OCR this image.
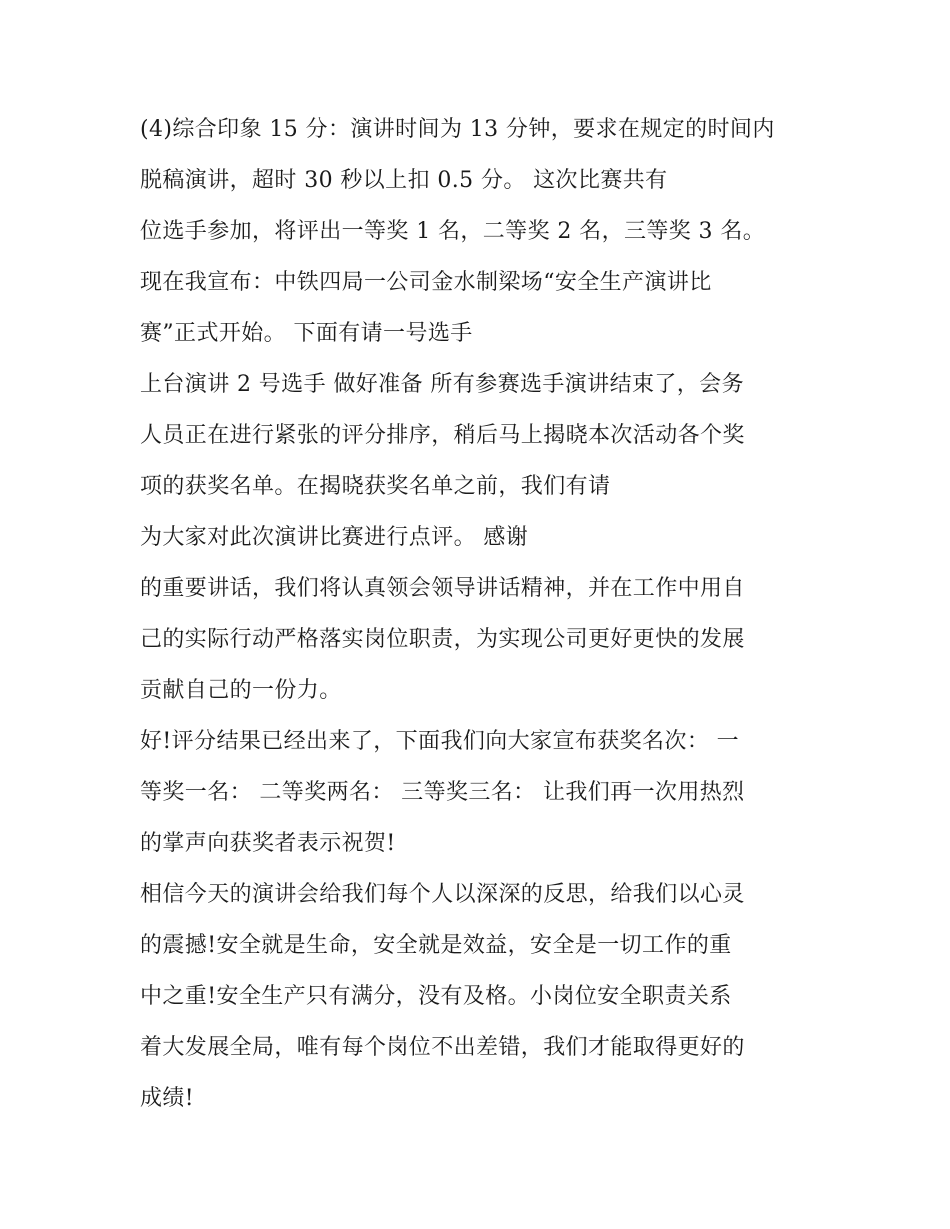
(4)综合印象 15 分：演讲时间为 13 分钟，要求在规定的时间内
脱稿演讲，超时 30 秒以上扣 0.5 分。 这次比赛共有
位选手参加，将评出一等奖 1 名，二等奖 2 名，三等奖 3 名。
现在我宣布：中铁四局一公司金水制梁场“安全生产演讲比
赛”正式开始。 下面有请一号选手
上台演讲 2 号选手 做好准备 所有参赛选手演讲结束了，会务
人员正在进行紧张的评分排序，稍后马上揭晓本次活动各个奖
项的获奖名单。在揭晓获奖名单之前，我们有请
为大家对此次演讲比赛进行点评。 感谢
的重要讲话，我们将认真领会领导讲话精神，并在工作中用自
己的实际行动严格落实岗位职责，为实现公司更好更快的发展
贡献自己的一份力。
好!评分结果已经出来了，下面我们向大家宣布获奖名次： 一
等奖一名： 二等奖两名： 三等奖三名： 让我们再一次用热烈
的掌声向获奖者表示祝贺!
相信今天的演讲会给我们每个人以深深的反思，给我们以心灵
的震撼!安全就是生命，安全就是效益，安全是一切工作的重
中之重!安全生产只有满分，没有及格。小岗位安全职责关系
着大发展全局，唯有每个岗位不出差错，我们才能取得更好的
成绩!
